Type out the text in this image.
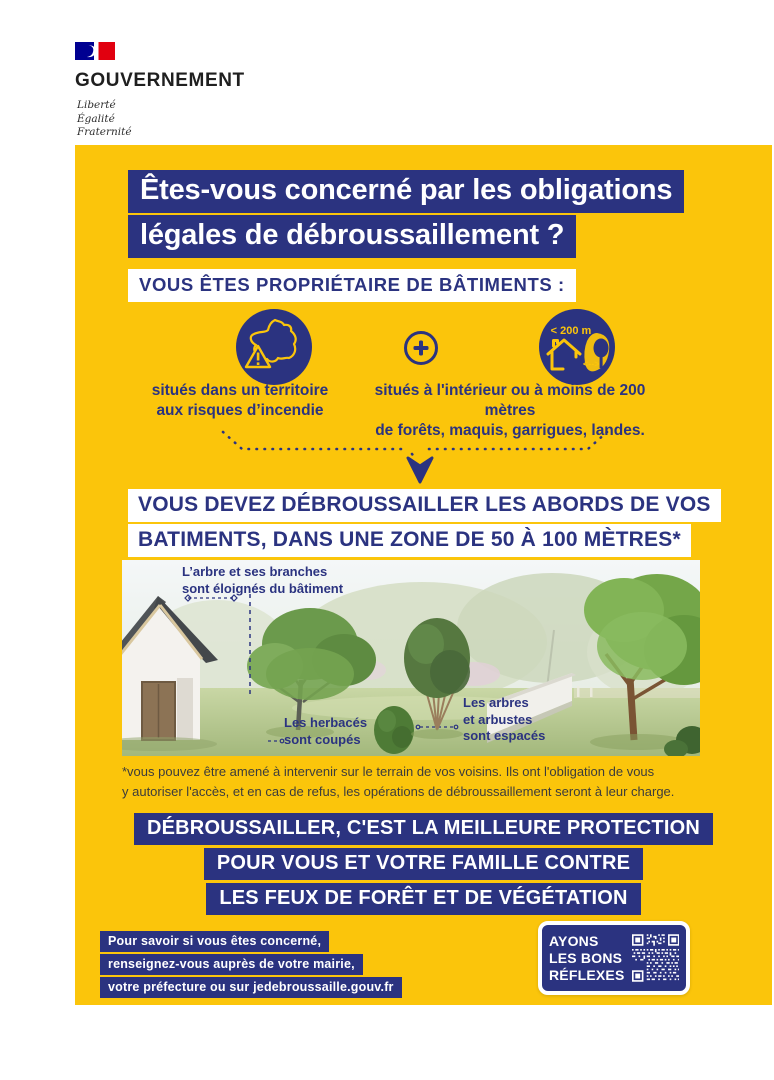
GOUVERNEMENT
Liberté
Égalité
Fraternité
Êtes-vous concerné par les obligations
légales de débroussaillement ?
VOUS ÊTES PROPRIÉTAIRE DE BÂTIMENTS :
< 200 m
<-->
situés dans un territoire
aux risques d’incendie
situés à l'intérieur ou à moins de 200 mètres
de forêts, maquis, garrigues, landes.
VOUS DEVEZ DÉBROUSSAILLER LES ABORDS DE VOS
BATIMENTS, DANS UNE ZONE DE 50 À 100 MÈTRES*
L’arbre et ses branches
sont éloignés du bâtiment
Les herbacés
sont coupés
Les arbres
et arbustes
sont espacés
*vous pouvez être amené à intervenir sur le terrain de vos voisins. Ils ont l'obligation de vous
y autoriser l'accès, et en cas de refus, les opérations de débroussaillement seront à leur charge.
DÉBROUSSAILLER, C'EST LA MEILLEURE PROTECTION
POUR VOUS ET VOTRE FAMILLE CONTRE
LES FEUX DE FORÊT ET DE VÉGÉTATION
Pour savoir si vous êtes concerné,
renseignez-vous auprès de votre mairie,
votre préfecture ou sur jedebroussaille.gouv.fr
AYONS
LES BONS
RÉFLEXES
